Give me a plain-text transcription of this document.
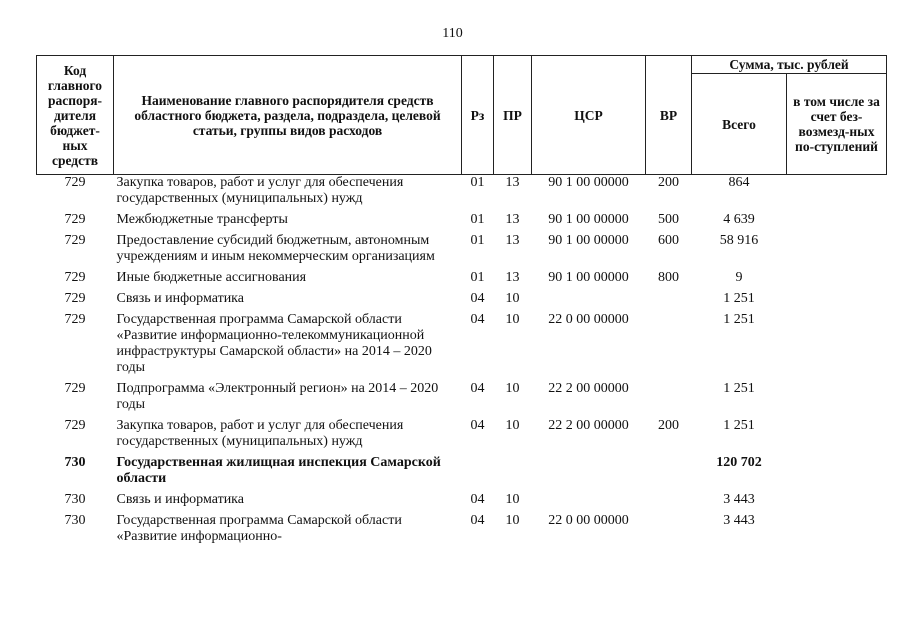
110
Код главного распоря-дителя бюджет-ных средств	Наименование главного распорядителя средств областного бюджета, раздела, подраздела, целевой статьи, группы видов расходов	Рз	ПР	ЦСР	ВР	Сумма, тыс. рублей	
						Всего	в том числе за счет без-возмезд-ных по-ступлений
729	Закупка товаров, работ и услуг для обеспечения государственных (муниципальных) нужд	01	13	90 1 00 00000	200	864	
729	Межбюджетные трансферты	01	13	90 1 00 00000	500	4 639	
729	Предоставление субсидий бюджетным, автономным учреждениям и иным некоммерческим организациям	01	13	90 1 00 00000	600	58 916	
729	Иные бюджетные ассигнования	01	13	90 1 00 00000	800	9	
729	Связь и информатика	04	10			1 251	
729	Государственная программа Самарской области «Развитие информационно-телекоммуникационной инфраструктуры Самарской области» на 2014 – 2020 годы	04	10	22 0 00 00000		1 251	
729	Подпрограмма «Электронный регион» на 2014 – 2020 годы	04	10	22 2 00 00000		1 251	
729	Закупка товаров, работ и услуг для обеспечения государственных (муниципальных) нужд	04	10	22 2 00 00000	200	1 251	
730	Государственная жилищная инспекция Самарской области					120 702	
730	Связь и информатика	04	10			3 443	
730	Государственная программа Самарской области «Развитие информационно-	04	10	22 0 00 00000		3 443	
